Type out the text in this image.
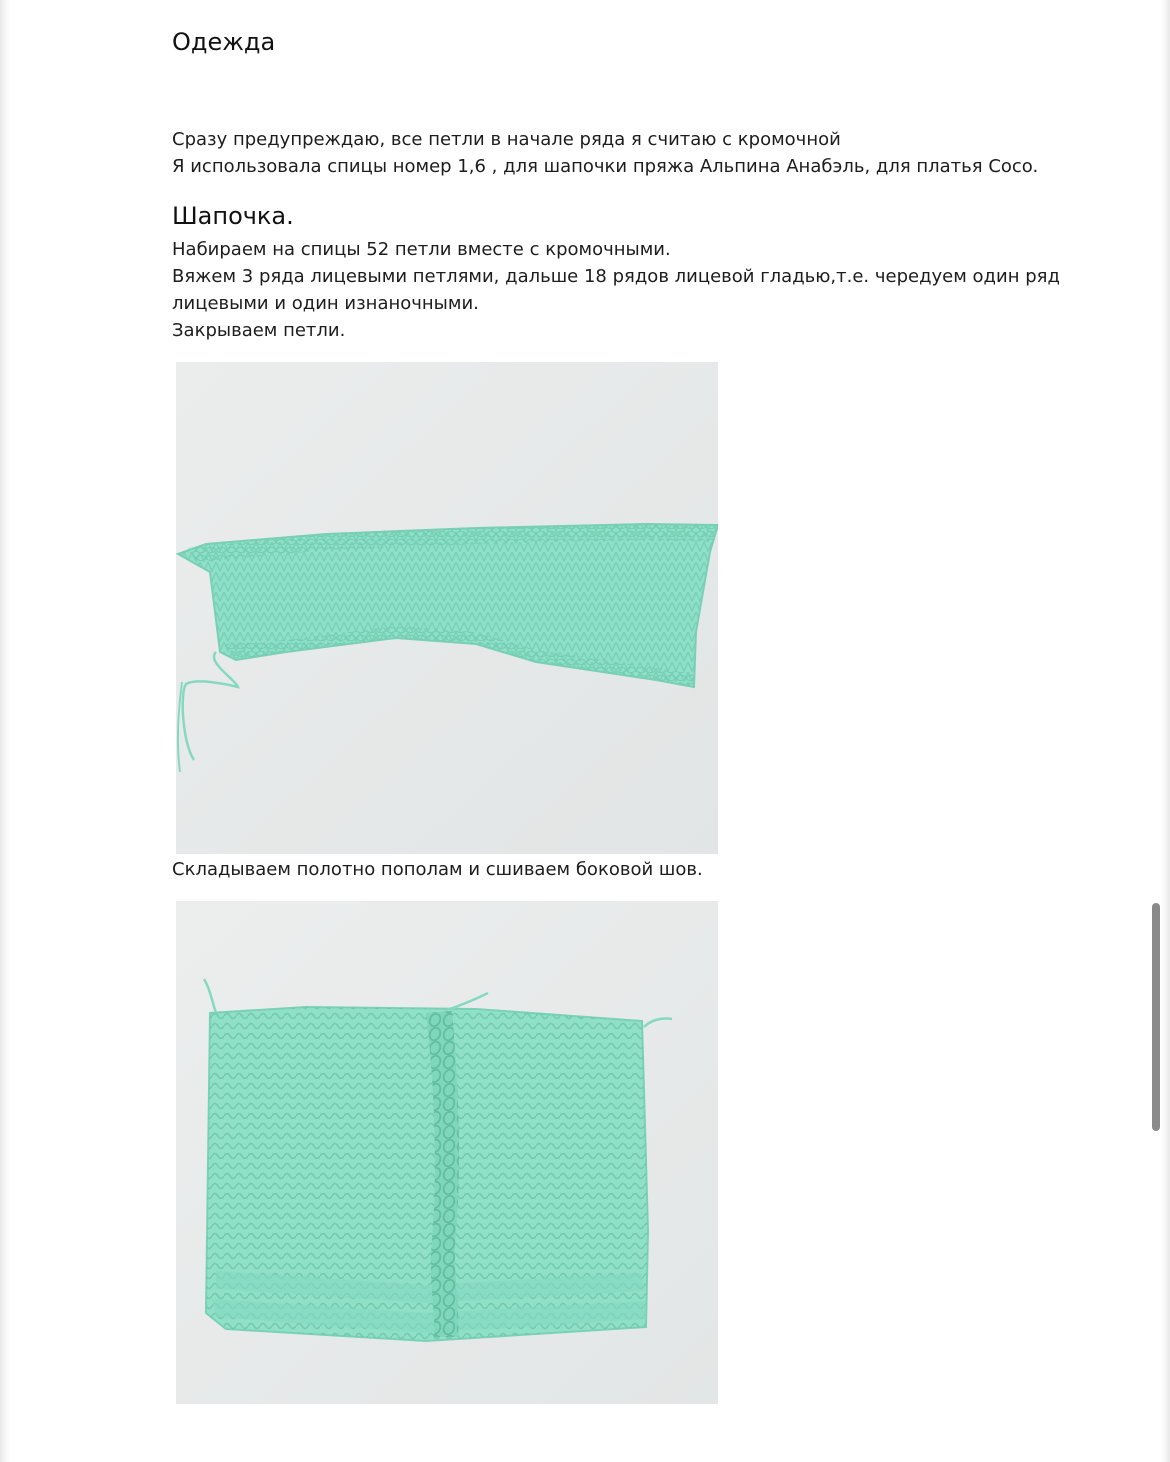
Одежда

Сразу предупреждаю, все петли в начале ряда я считаю с кромочной

Я использовала спицы номер 1,6 , для шапочки пряжа Альпина Анабэль, для платья Coco.

Шапочка.

Набираем на спицы 52 петли вместе с кромочными.

Вяжем 3 ряда лицевыми петлями, дальше 18 рядов лицевой гладью,т.е. чередуем один ряд

лицевыми и один изнаночными.

Закрываем петли.

Складываем полотно пополам и сшиваем боковой шов.
